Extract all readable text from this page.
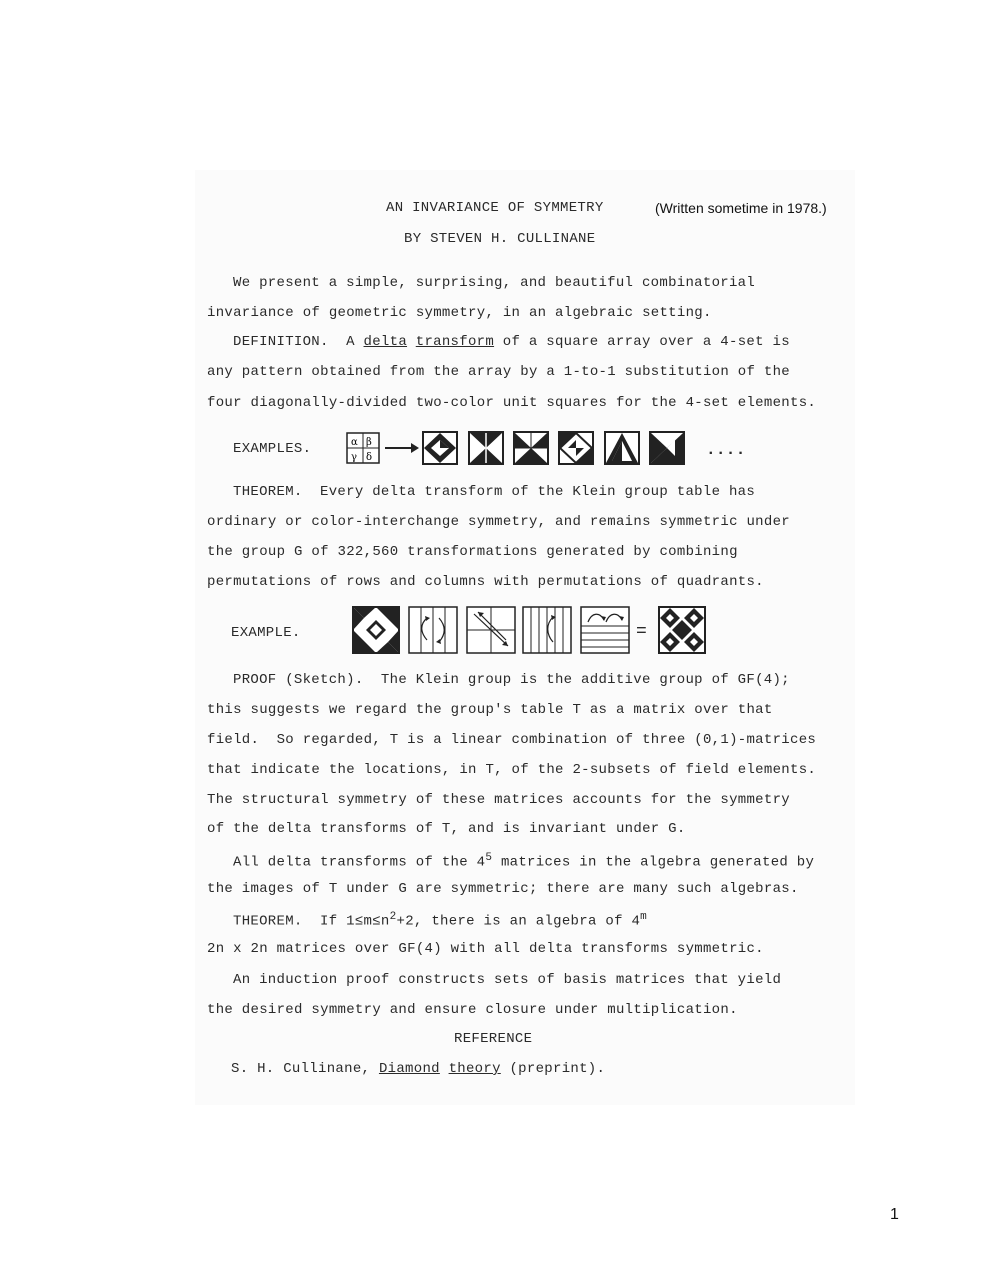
AN INVARIANCE OF SYMMETRY	(Written sometime in 1978.)
BY STEVEN H. CULLINANE
We present a simple, surprising, and beautiful combinatorial
invariance of geometric symmetry, in an algebraic setting.
DEFINITION.  A delta transform of a square array over a 4-set is
any pattern obtained from the array by a 1-to-1 substitution of the
four diagonally-divided two-color unit squares for the 4-set elements.
EXAMPLES.	α β
γ δ	....
THEOREM.  Every delta transform of the Klein group table has
ordinary or color-interchange symmetry, and remains symmetric under
the group G of 322,560 transformations generated by combining
permutations of rows and columns with permutations of quadrants.
EXAMPLE.	=
PROOF (Sketch).  The Klein group is the additive group of GF(4);
this suggests we regard the group's table T as a matrix over that
field.  So regarded, T is a linear combination of three (0,1)-matrices
that indicate the locations, in T, of the 2-subsets of field elements.
The structural symmetry of these matrices accounts for the symmetry
of the delta transforms of T, and is invariant under G.
All delta transforms of the $4^5$ matrices in the algebra generated by
the images of T under G are symmetric; there are many such algebras.
THEOREM.  If $1\le m\le n^2+2$, there is an algebra of 4$^m$
2n x 2n matrices over GF(4) with all delta transforms symmetric.
An induction proof constructs sets of basis matrices that yield
the desired symmetry and ensure closure under multiplication.
REFERENCE
S. H. Cullinane, Diamond theory (preprint).
1
